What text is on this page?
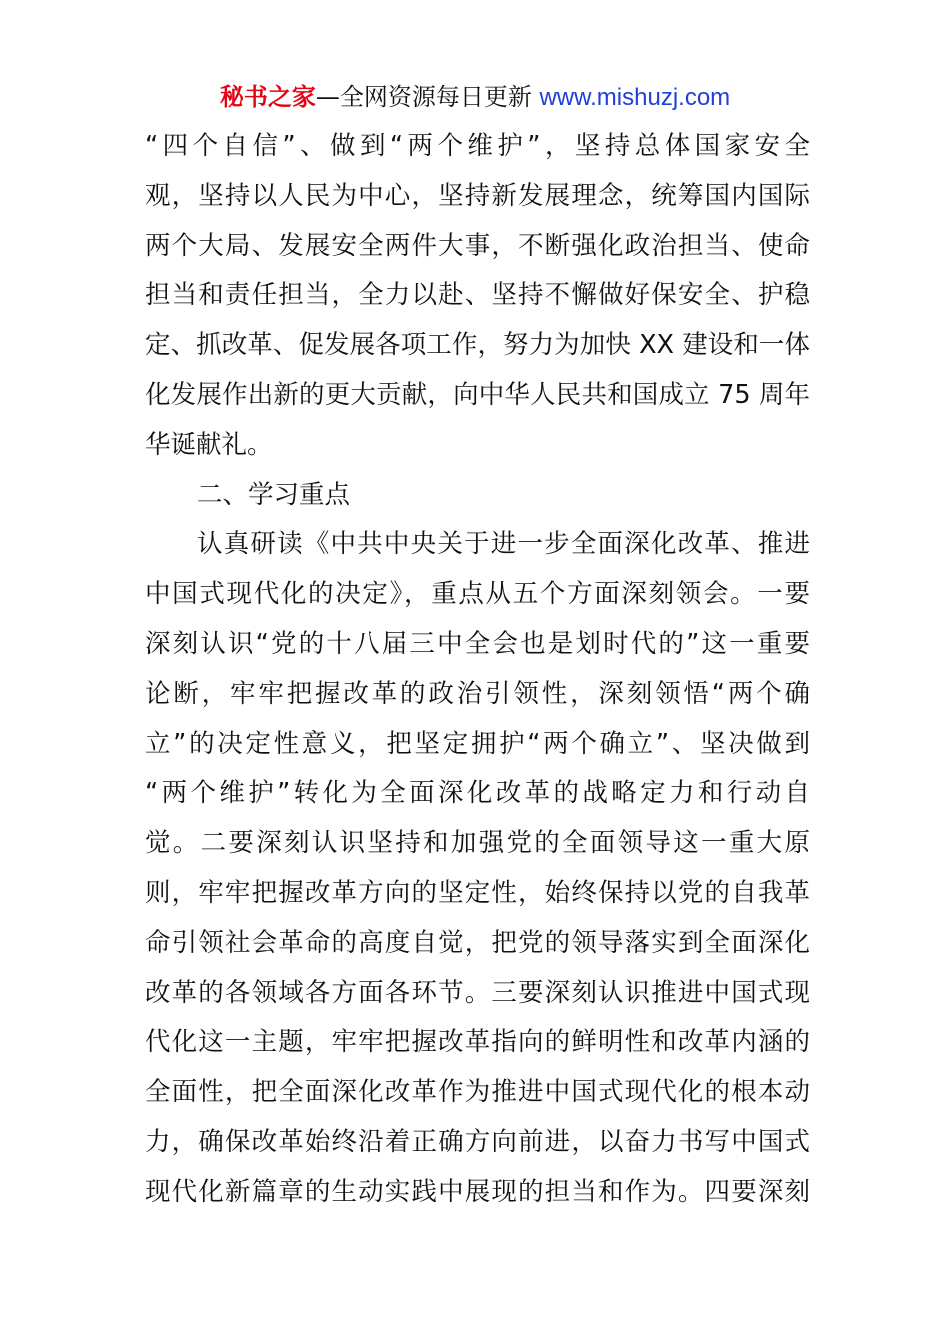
秘书之家—全网资源每日更新 www.mishuzj.com
“四个自信”、做到“两个维护”，坚持总体国家安全
观，坚持以人民为中心，坚持新发展理念，统筹国内国际
两个大局、发展安全两件大事，不断强化政治担当、使命
担当和责任担当，全力以赴、坚持不懈做好保安全、护稳
定、抓改革、促发展各项工作，努力为加快 XX 建设和一体
化发展作出新的更大贡献，向中华人民共和国成立 75 周年
华诞献礼。
二、学习重点
认真研读《中共中央关于进一步全面深化改革、推进
中国式现代化的决定》，重点从五个方面深刻领会。一要
深刻认识“党的十八届三中全会也是划时代的”这一重要
论断，牢牢把握改革的政治引领性，深刻领悟“两个确
立”的决定性意义，把坚定拥护“两个确立”、坚决做到
“两个维护”转化为全面深化改革的战略定力和行动自
觉。二要深刻认识坚持和加强党的全面领导这一重大原
则，牢牢把握改革方向的坚定性，始终保持以党的自我革
命引领社会革命的高度自觉，把党的领导落实到全面深化
改革的各领域各方面各环节。三要深刻认识推进中国式现
代化这一主题，牢牢把握改革指向的鲜明性和改革内涵的
全面性，把全面深化改革作为推进中国式现代化的根本动
力，确保改革始终沿着正确方向前进，以奋力书写中国式
现代化新篇章的生动实践中展现的担当和作为。四要深刻
